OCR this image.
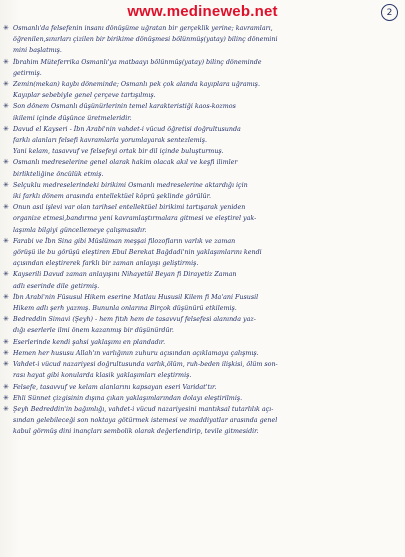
www.medineweb.net	2
✳ Osmanlı'da felsefenin insanı dönüşüme uğratan bir gerçeklik yerine; kavramları,
öğrenilen,sınırları çizilen bir birikime dönüşmesi bölünmüş(yatay) bilinç dönemini
mini başlatmış.
✳ İbrahim Müteferrika Osmanlı'ya matbaayı bölünmüş(yatay) bilinç döneminde
getirmiş.
✳ Zemin(mekan) kaybı döneminde; Osmanlı pek çok alanda kayıplara uğramış.
Kayıplar sebebiyle genel çerçeve tartışılmış.
✳ Son dönem Osmanlı düşünürlerinin temel karakteristiği kaos-kozmos
ikilemi içinde düşünce üretmeleridir.
✳ Davud el Kayseri - İbn Arabi'nin vahdet-i vücud öğretisi doğrultusunda
farklı alanları felsefi kavramlarla yorumlayarak sentezlemiş.
Yani kelam, tasavvuf ve felsefeyi ortak bir dil içinde buluşturmuş.
✳ Osmanlı medreselerine genel olarak hakim olacak akıl ve keşfi ilimler
birlikteliğine öncülük etmiş.
✳ Selçuklu medreselerindeki birikimi Osmanlı medreselerine aktardığı için
iki farklı dönem arasında entellektüel köprü şeklinde görülür.
✳ Onun asıl işlevi var olan tarihsel entellektüel birikimi tartışarak yeniden
organize etmesi,bandırma yeni kavramlaştırmalara gitmesi ve eleştirel yak-
laşımla bilgiyi güncellemeye çalışmasıdır.
✳ Farabi ve İbn Sina gibi Müslüman meşşai filozofların varlık ve zaman
görüşü ile bu görüşü eleştiren Ebul Berekat Bağdadi'nin yaklaşımlarını kendi
açısından eleştirerek farklı bir zaman anlayışı geliştirmiş.
✳ Kayserili Davud zaman anlayışını Nihayetül Beyan fi Dirayetiz Zaman
adlı eserinde dile getirmiş.
✳ İbn Arabi'nin Füsusul Hikem eserine Matlau Hususil Kilem fi Ma'ani Fususil
Hikem adlı şerh yazmış. Bununla onlarına Birçok düşünürü etkilemiş.
✳ Bedreddin Simavi (Şeyh) - hem fıtıh hem de tasavvuf felsefesi alanında yaz-
dığı eserlerle ilmi önem kazanmış bir düşünürdür.
✳ Eserlerinde kendi şahsi yaklaşımı en plandadır.
✳ Hemen her hususu Allah'ın varlığının zuhuru açısından açıklamaya çalışmış.
✳ Vahdet-i vücud nazariyesi doğrultusunda varlık,ölüm, ruh-beden ilişkisi, ölüm son-
rası hayat gibi konularda klasik yaklaşımları eleştirmiş.
✳ Felsefe, tasavvuf ve kelam alanlarını kapsayan eseri Varidat'tır.
✳ Ehli Sünnet çizgisinin dışına çıkan yaklaşımlarından dolayı eleştirilmiş.
✳ Şeyh Bedreddin'in bağımlığı, vahdet-i vücud nazariyesini mantıksal tutarlılık açı-
sından gelebileceği son noktaya götürmek istemesi ve maddiyatlar arasında genel
kabul görmüş dini inançları sembolik olarak değerlendirip, tevile gitmesidir.
